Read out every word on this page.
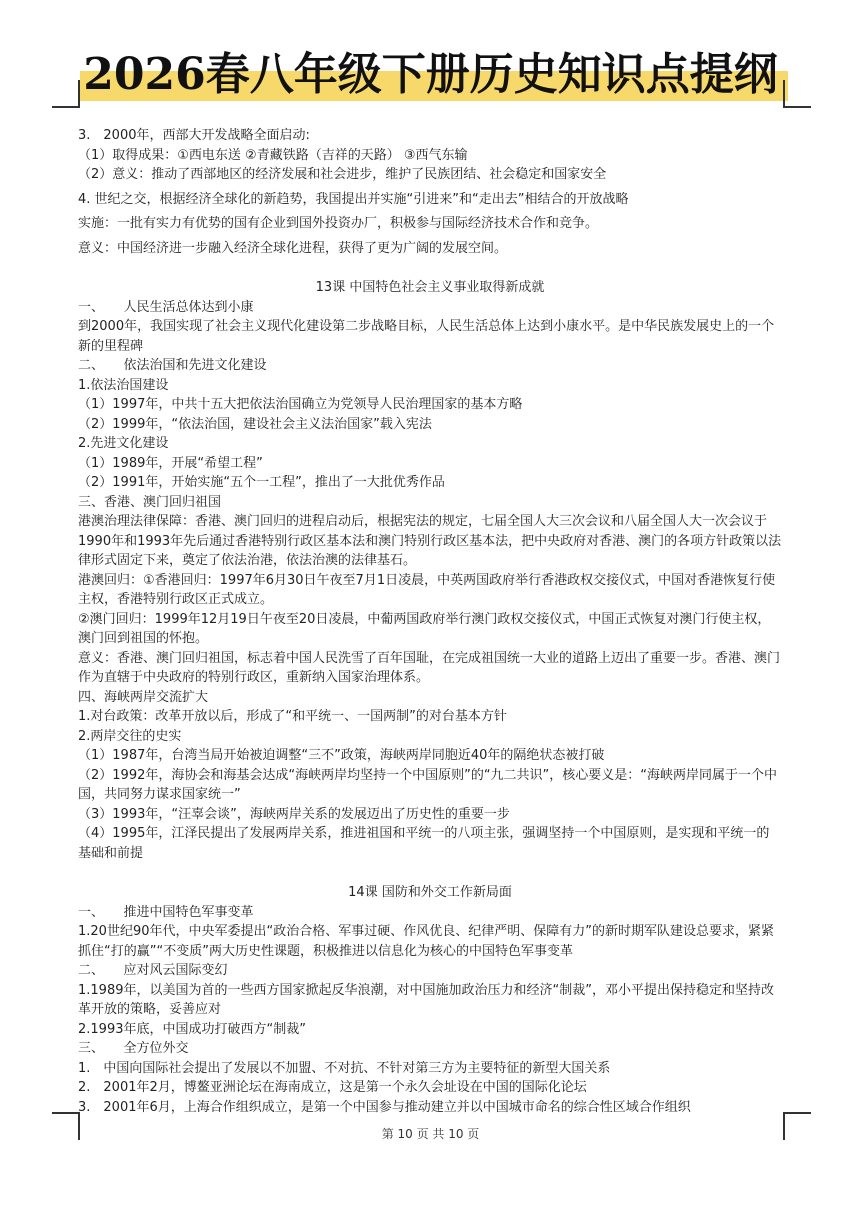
2026春八年级下册历史知识点提纲

3.　2000年，西部大开发战略全面启动:

（1）取得成果：①西电东送 ②青藏铁路（吉祥的天路） ③西气东输

（2）意义：推动了西部地区的经济发展和社会进步，维护了民族团结、社会稳定和国家安全

4. 世纪之交，根据经济全球化的新趋势，我国提出并实施“引进来”和“走出去”相结合的开放战略

实施：一批有实力有优势的国有企业到国外投资办厂，积极参与国际经济技术合作和竞争。

意义：中国经济进一步融入经济全球化进程，获得了更为广阔的发展空间。

13课 中国特色社会主义事业取得新成就

一、　　人民生活总体达到小康

到2000年，我国实现了社会主义现代化建设第二步战略目标，人民生活总体上达到小康水平。是中华民族发展史上的一个新的里程碑

二、　　依法治国和先进文化建设

1.依法治国建设

（1）1997年，中共十五大把依法治国确立为党领导人民治理国家的基本方略

（2）1999年，“依法治国，建设社会主义法治国家”载入宪法

2.先进文化建设

（1）1989年，开展“希望工程”

（2）1991年，开始实施“五个一工程”，推出了一大批优秀作品

三、香港、澳门回归祖国

港澳治理法律保障：香港、澳门回归的进程启动后，根据宪法的规定，七届全国人大三次会议和八届全国人大一次会议于1990年和1993年先后通过香港特别行政区基本法和澳门特别行政区基本法，把中央政府对香港、澳门的各项方针政策以法律形式固定下来，奠定了依法治港，依法治澳的法律基石。

港澳回归：①香港回归：1997年6月30日午夜至7月1日凌晨，中英两国政府举行香港政权交接仪式，中国对香港恢复行使主权，香港特别行政区正式成立。

②澳门回归：1999年12月19日午夜至20日凌晨，中葡两国政府举行澳门政权交接仪式，中国正式恢复对澳门行使主权，澳门回到祖国的怀抱。

意义：香港、澳门回归祖国，标志着中国人民洗雪了百年国耻，在完成祖国统一大业的道路上迈出了重要一步。香港、澳门作为直辖于中央政府的特别行政区，重新纳入国家治理体系。

四、海峡两岸交流扩大

1.对台政策：改革开放以后，形成了“和平统一、一国两制”的对台基本方针

2.两岸交往的史实

（1）1987年，台湾当局开始被迫调整“三不”政策，海峡两岸同胞近40年的隔绝状态被打破

（2）1992年，海协会和海基会达成“海峡两岸均坚持一个中国原则”的“九二共识”，核心要义是：“海峡两岸同属于一个中国，共同努力谋求国家统一”

（3）1993年，“汪辜会谈”，海峡两岸关系的发展迈出了历史性的重要一步

（4）1995年，江泽民提出了发展两岸关系，推进祖国和平统一的八项主张，强调坚持一个中国原则，是实现和平统一的基础和前提

14课 国防和外交工作新局面

一、　　推进中国特色军事变革

1.20世纪90年代，中央军委提出“政治合格、军事过硬、作风优良、纪律严明、保障有力”的新时期军队建设总要求，紧紧抓住“打的赢”“不变质”两大历史性课题，积极推进以信息化为核心的中国特色军事变革

二、　　应对风云国际变幻

1.1989年，以美国为首的一些西方国家掀起反华浪潮，对中国施加政治压力和经济“制裁”，邓小平提出保持稳定和坚持改革开放的策略，妥善应对

2.1993年底，中国成功打破西方“制裁”

三、　　全方位外交

1.　中国向国际社会提出了发展以不加盟、不对抗、不针对第三方为主要特征的新型大国关系

2.　2001年2月，博鳌亚洲论坛在海南成立，这是第一个永久会址设在中国的国际化论坛

3.　2001年6月，上海合作组织成立，是第一个中国参与推动建立并以中国城市命名的综合性区域合作组织

第 10 页 共 10 页
